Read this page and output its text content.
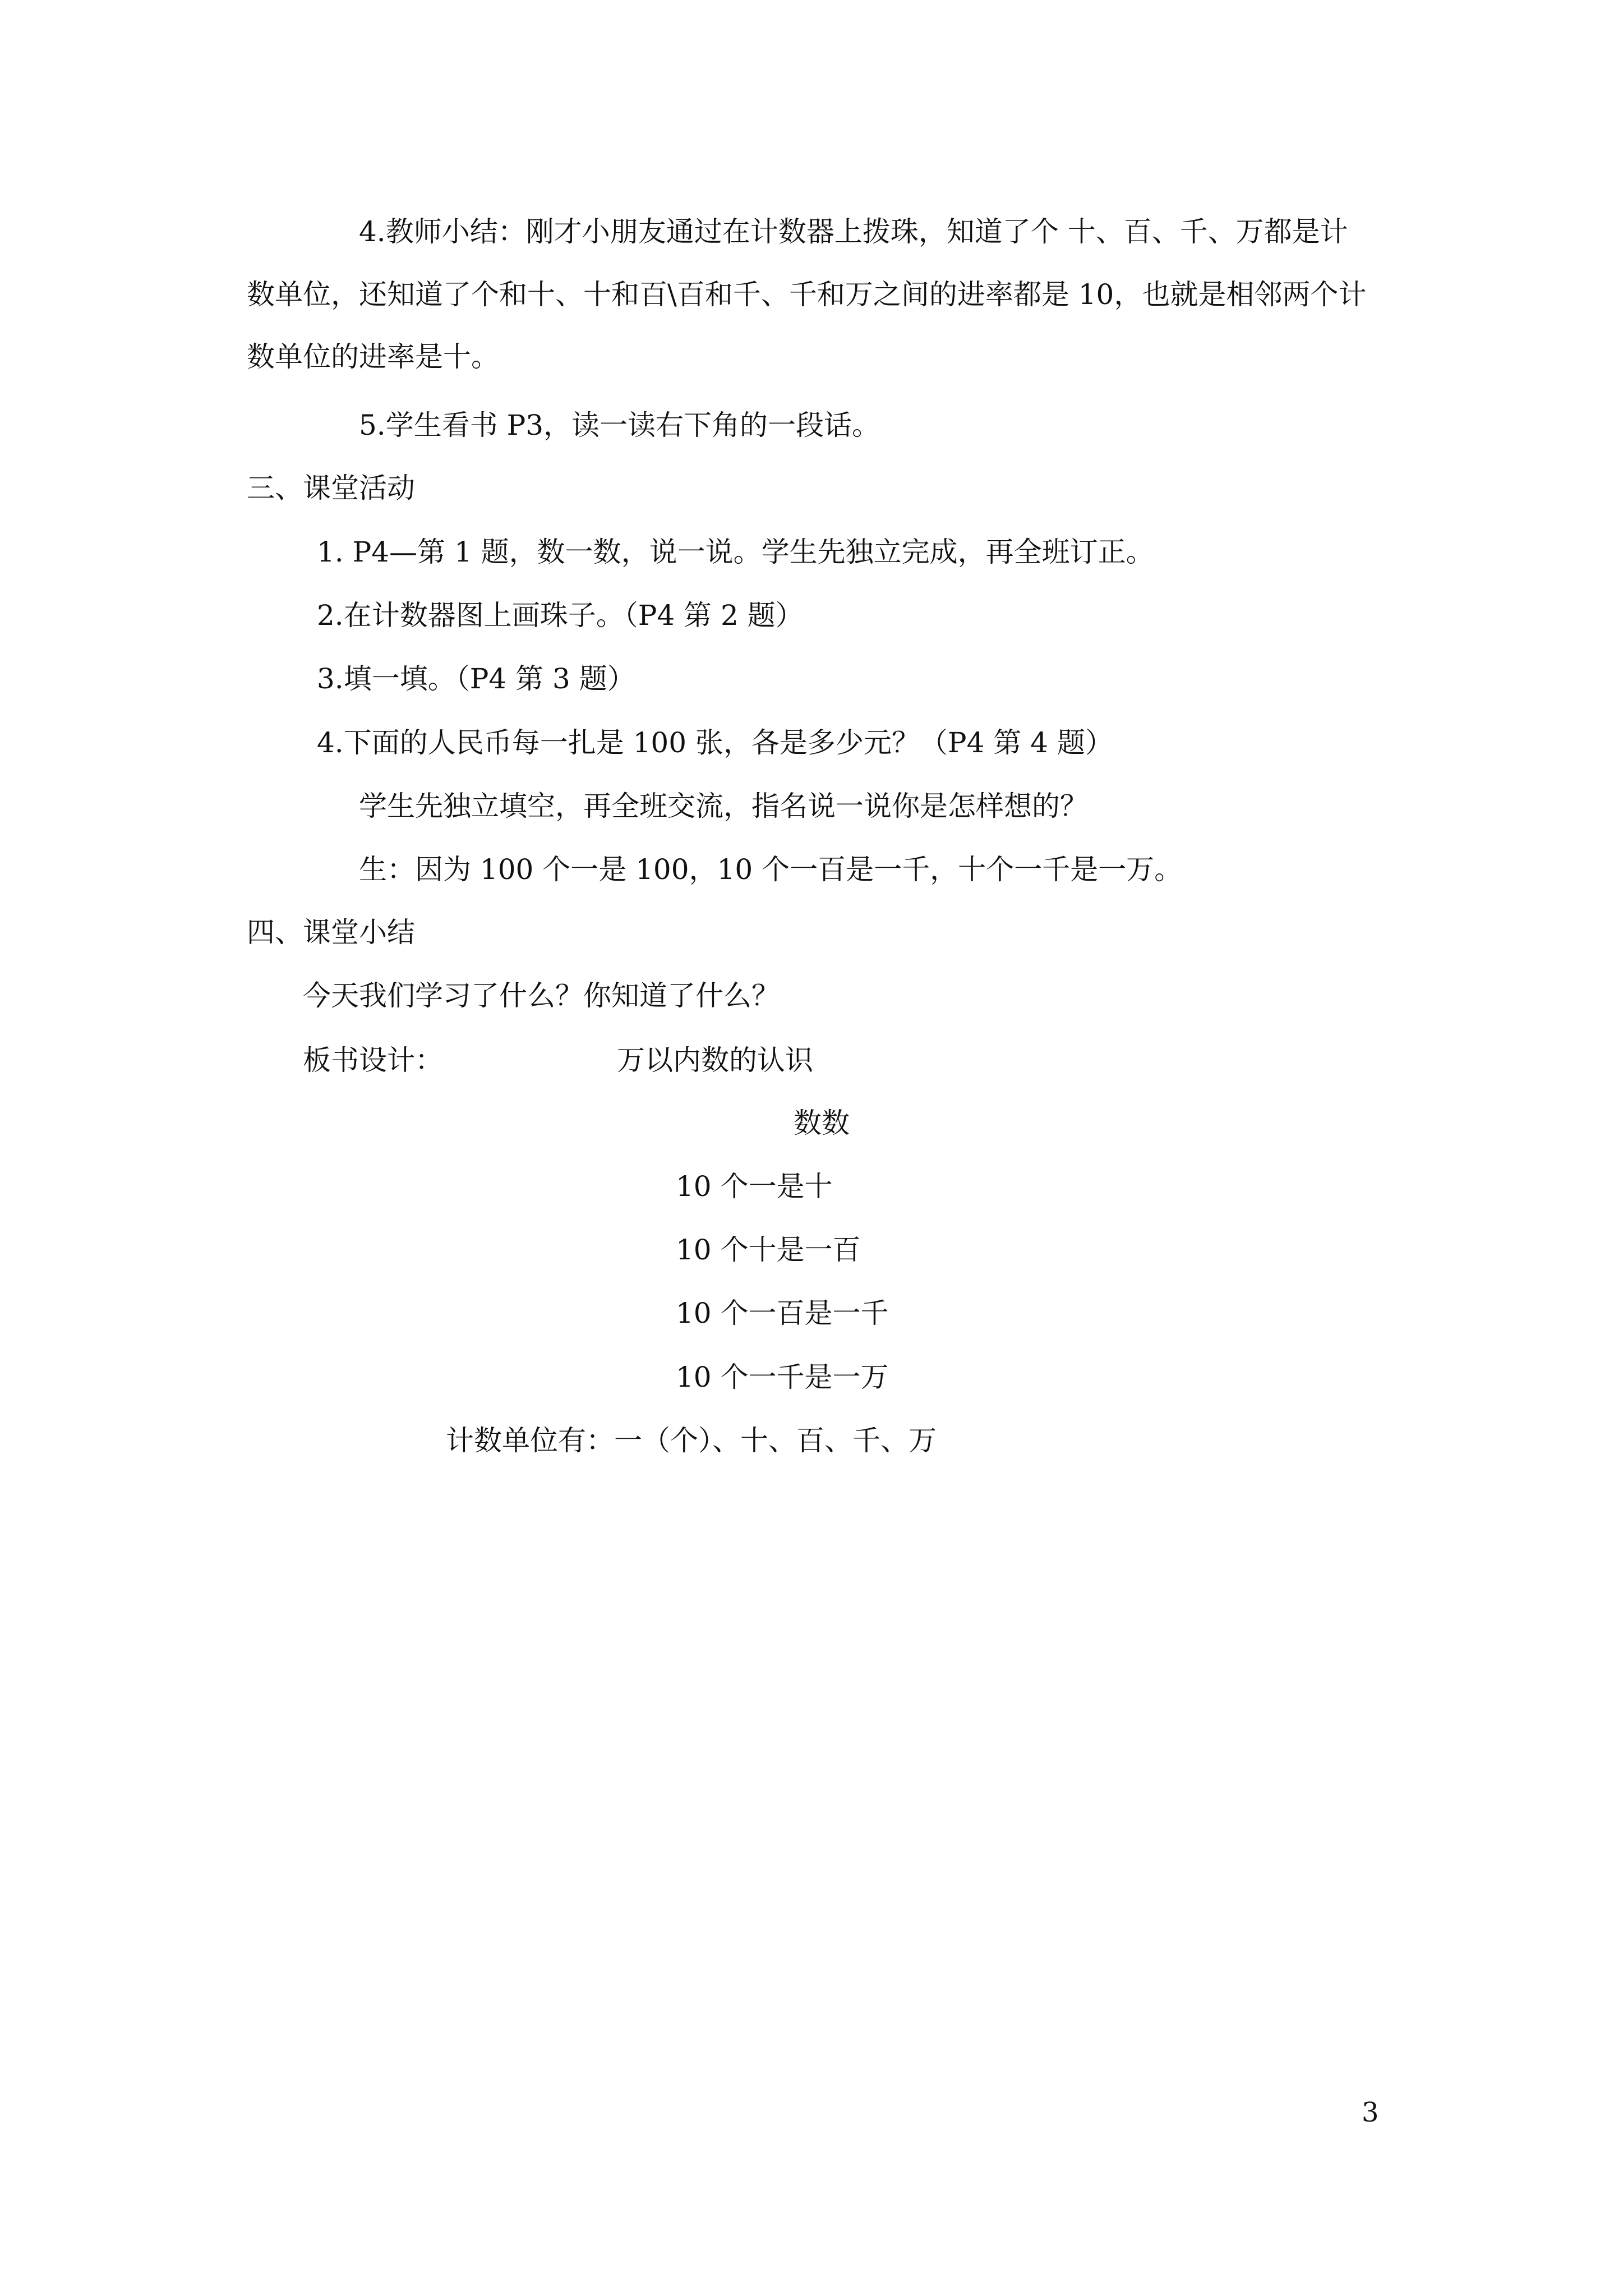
4.教师小结：刚才小朋友通过在计数器上拨珠，知道了个 十、百、千、万都是计
数单位，还知道了个和十、十和百\百和千、千和万之间的进率都是 10，也就是相邻两个计
数单位的进率是十。
5.学生看书 P3，读一读右下角的一段话。
三、课堂活动
1. P4—第 1 题，数一数，说一说。学生先独立完成，再全班订正。
2.在计数器图上画珠子。（P4 第 2 题）
3.填一填。（P4 第 3 题）
4.下面的人民币每一扎是 100 张，各是多少元？（P4 第 4 题）
学生先独立填空，再全班交流，指名说一说你是怎样想的？
生：因为 100 个一是 100，10 个一百是一千，十个一千是一万。
四、课堂小结
今天我们学习了什么？你知道了什么？
板书设计：	万以内数的认识
数数
10 个一是十
10 个十是一百
10 个一百是一千
10 个一千是一万
计数单位有：一（个）、十、百、千、万
3
